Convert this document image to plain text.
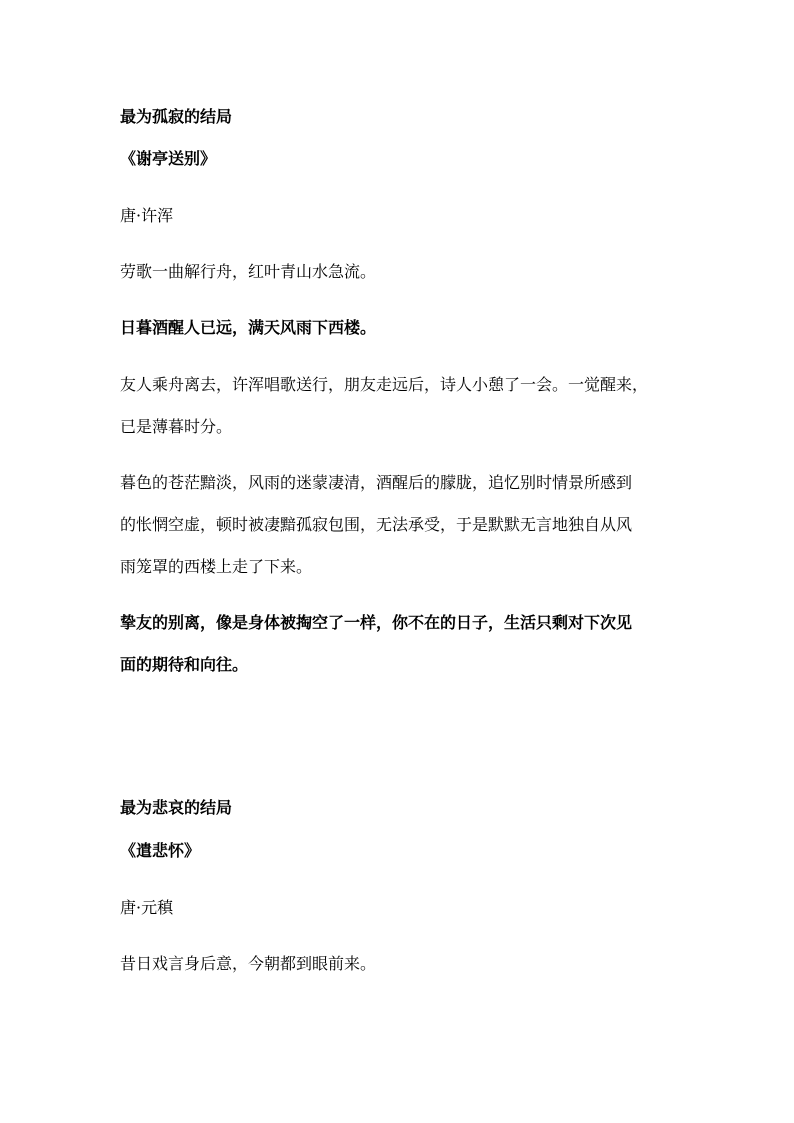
最为孤寂的结局
《谢亭送别》
唐·许浑
劳歌一曲解行舟，红叶青山水急流。
日暮酒醒人已远，满天风雨下西楼。
友人乘舟离去，许浑唱歌送行，朋友走远后，诗人小憩了一会。一觉醒来，
已是薄暮时分。
暮色的苍茫黯淡，风雨的迷蒙凄清，酒醒后的朦胧，追忆别时情景所感到
的怅惘空虚，顿时被凄黯孤寂包围，无法承受，于是默默无言地独自从风
雨笼罩的西楼上走了下来。
挚友的别离，像是身体被掏空了一样，你不在的日子，生活只剩对下次见
面的期待和向往。
最为悲哀的结局
《遣悲怀》
唐·元稹
昔日戏言身后意，今朝都到眼前来。
